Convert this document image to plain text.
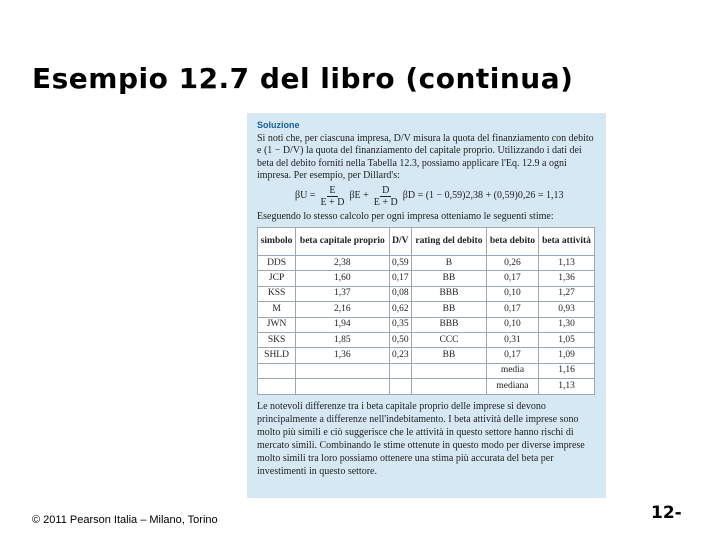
Esempio 12.7 del libro (continua)
Soluzione

Si noti che, per ciascuna impresa, D/V misura la quota del finanziamento con debito e (1 − D/V) la quota del finanziamento del capitale proprio. Utilizzando i dati dei beta del debito forniti nella Tabella 12.3, possiamo applicare l'Eq. 12.9 a ogni impresa. Per esempio, per Dillard's:

$\beta U = \frac{E}{E + D}$ $\beta E + \frac{D}{E + D}$ βD = (1 − 0,59)2,38 + (0,59)0,26 = 1,13

Eseguendo lo stesso calcolo per ogni impresa otteniamo le seguenti stime:

simbolo	beta capitale proprio	D/V	rating del debito	beta debito	beta attività
DDS	2,38	0,59	B	0,26	1,13
JCP	1,60	0,17	BB	0,17	1,36
KSS	1,37	0,08	BBB	0,10	1,27
M	2,16	0,62	BB	0,17	0,93
JWN	1,94	0,35	BBB	0,10	1,30
SKS	1,85	0,50	CCC	0,31	1,05
SHLD	1,36	0,23	BB	0,17	1,09
				media	1,16
				mediana	1,13

Le notevoli differenze tra i beta capitale proprio delle imprese si devono principalmente a differenze nell'indebitamento. I beta attività delle imprese sono molto più simili e ciò suggerisce che le attività in questo settore hanno rischi di mercato simili. Combinando le stime ottenute in questo modo per diverse imprese molto simili tra loro possiamo ottenere una stima più accurata del beta per investimenti in questo settore.

© 2011 Pearson Italia – Milano, Torino	12-
